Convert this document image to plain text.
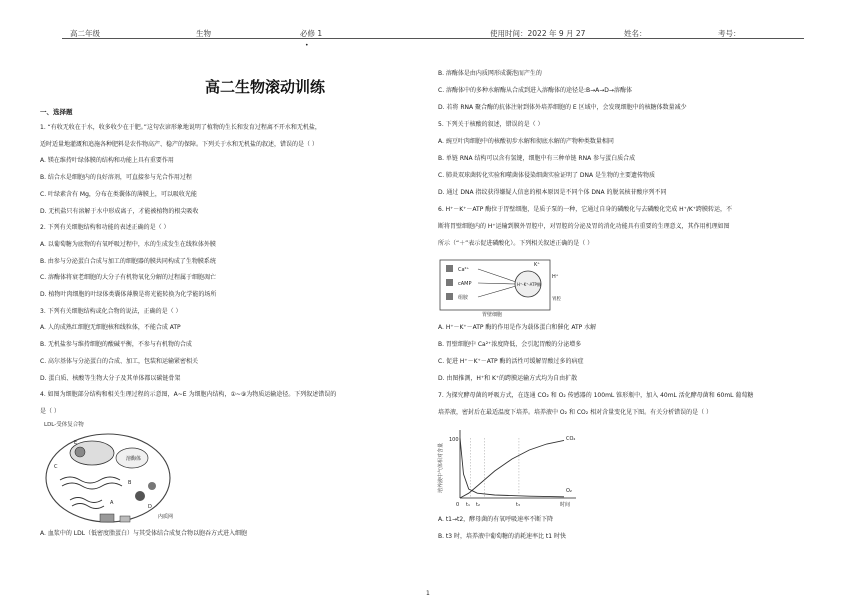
高二年级	生物	必修 1	使用时间：2022 年 9 月 27	姓名：	考号：
•
高二生物滚动训练
一、选择题
1. “有收无收在于水，收多收少在于肥。”这句农谚形象地说明了植物的生长和发育过程离不开水和无机盐，
适时适量地灌溉和追施各种肥料是农作物高产、稳产的保障。下列关于水和无机盐的叙述，错误的是（ ）
A. 镁在维持叶绿体膜的结构和功能上具有重要作用
B. 结合水是细胞内的良好溶剂，可直接参与光合作用过程
C. 叶绿素含有 Mg，分布在类囊体的薄膜上，可以吸收光能
D. 无机盐只有溶解于水中形成离子，才能被植物的根尖吸收
2. 下列有关细胞结构和功能的表述正确的是（ ）
A. 以葡萄糖为底物的有氧呼吸过程中，水的生成发生在线粒体外膜
B. 由参与分泌蛋白合成与加工的细胞器的膜共同构成了生物膜系统
C. 溶酶体将衰老细胞的大分子有机物氧化分解的过程属于细胞凋亡
D. 植物叶肉细胞的叶绿体类囊体薄膜是将光能转换为化学能的场所
3. 下列有关细胞结构或化合物的说法，正确的是（ ）
A. 人的成熟红细胞无细胞核和线粒体，不能合成 ATP
B. 无机盐参与维持细胞的酸碱平衡，不参与有机物的合成
C. 高尔基体与分泌蛋白的合成、加工，包装和运输紧密相关
D. 蛋白质、核酸等生物大分子及其单体都以碳链骨架
4. 如图为细胞部分结构和相关生理过程的示意图，A~E 为细胞内结构，①~⑨为物质运输途径。下列叙述错误的
是（ ）
LDL-受体复合物
E
溶酶体
B
A
D
内质网
C
A. 血浆中的 LDL（低密度脂蛋白）与其受体结合成复合物以胞吞方式进入细胞
B. 溶酶体是由内质网形成囊泡而产生的
C. 溶酶体中的多种水解酶从合成到进入溶酶体的途径是:B→A→D→溶酶体
D. 若将 RNA 聚合酶的抗体注射到体外培养细胞的 E 区域中，会发现细胞中的核糖体数量减少
5. 下列关于核酸的叙述，错误的是（ ）
A. 豌豆叶肉细胞中的核酸初步水解和彻底水解的产物种类数量相同
B. 单链 RNA 结构可以含有氢键，细胞中有三种单链 RNA 参与蛋白质合成
C. 肺炎双球菌转化实验和噬菌体侵染细菌实验证明了 DNA 是生物的主要遗传物质
D. 通过 DNA 指纹获得嫌疑人信息的根本原因是不同个体 DNA 的脱氧核苷酸序列不同
6. H⁺－K⁺－ATP 酶位于胃壁细胞，是质子泵的一种，它通过自身的磷酸化与去磷酸化完成 H⁺/K⁺跨膜转运，不
断将胃壁细胞内的 H⁺运输到膜外胃腔中，对胃腔的分泌及胃的消化功能具有重要的生理意义，其作用机理如图
所示（“＋”表示促进磷酸化）。下列相关叙述正确的是（ ）
Ca²⁺
cAMP
组胺
H⁺-K⁺-ATP酶
K⁺
H⁺
胃腔
胃壁细胞
A. H⁺－K⁺－ATP 酶的作用是作为载体蛋白和催化 ATP 水解
B. 胃壁细胞中 Ca²⁺浓度降低，会引起胃酸的分泌增多
C. 促进 H⁺－K⁺－ATP 酶的活性可缓解胃酸过多的病症
D. 由图推测，H⁺和 K⁺的跨膜运输方式均为自由扩散
7. 为探究酵母菌的呼吸方式，在连通 CO₂ 和 O₂ 传感器的 100mL 锥形瓶中，加入 40mL 活化酵母菌和 60mL 葡萄糖
培养液，密封后在最适温度下培养。培养液中 O₂ 和 CO₂ 相对含量变化见下图。有关分析错误的是（ ）
培养液中气体相对含量
100
0 t₁ t₂	t₃	时间
CO₂
O₂
A. t1→t2，酵母菌的有氧呼吸速率不断下降
B. t3 时，培养液中葡萄糖的消耗速率比 t1 时快
1
